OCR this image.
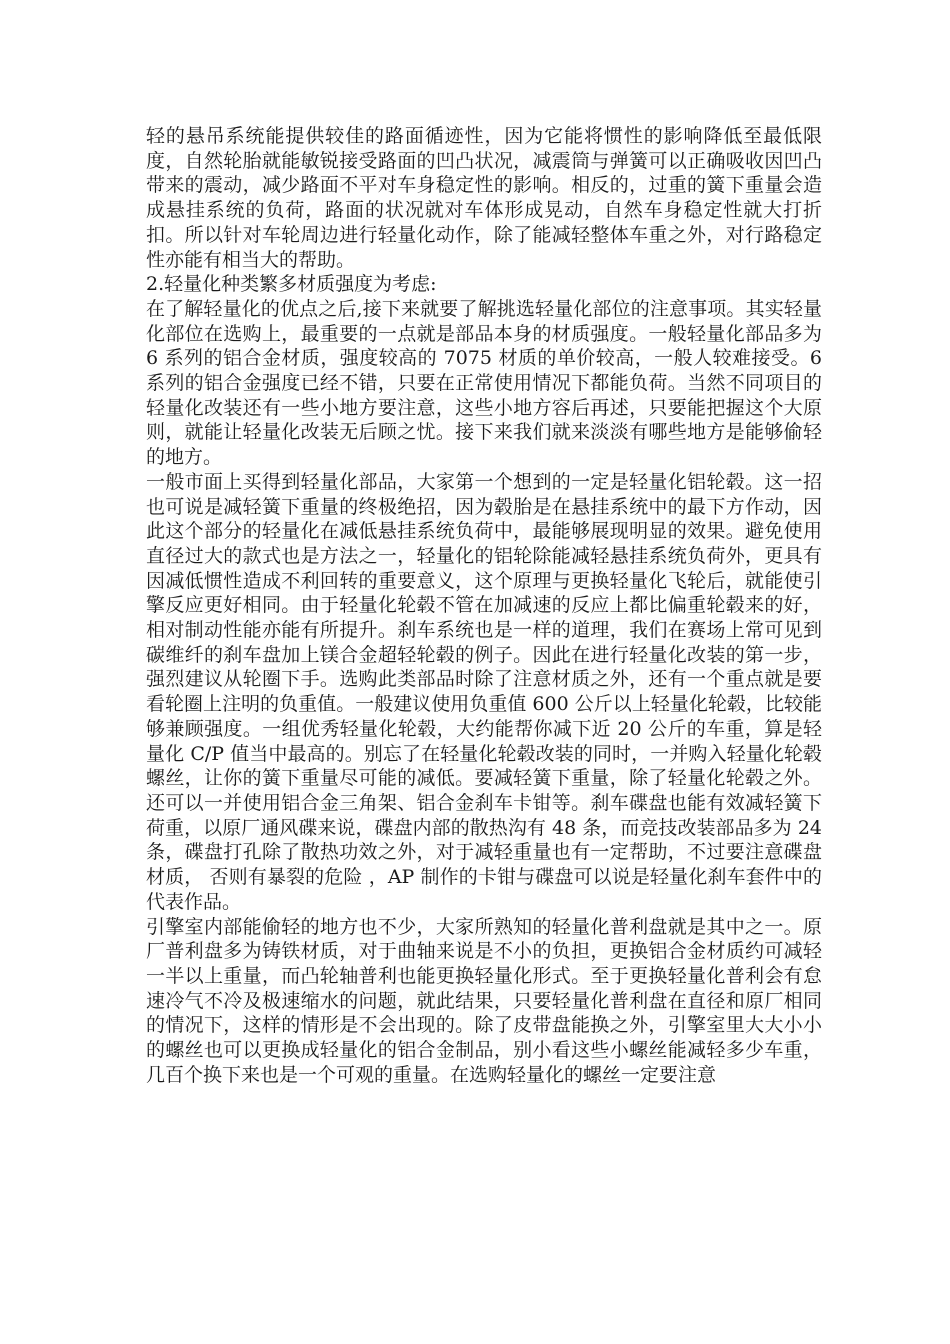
轻的悬吊系统能提供较佳的路面循迹性，因为它能将惯性的影响降低至最低限度，自然轮胎就能敏锐接受路面的凹凸状况，减震筒与弹簧可以正确吸收因凹凸带来的震动，减少路面不平对车身稳定性的影响。相反的，过重的簧下重量会造成悬挂系统的负荷，路面的状况就对车体形成晃动，自然车身稳定性就大打折扣。所以针对车轮周边进行轻量化动作，除了能减轻整体车重之外，对行路稳定性亦能有相当大的帮助。

2.轻量化种类繁多材质强度为考虑:

在了解轻量化的优点之后,接下来就要了解挑选轻量化部位的注意事项。其实轻量化部位在选购上，最重要的一点就是部品本身的材质强度。一般轻量化部品多为 6 系列的铝合金材质，强度较高的 7075 材质的单价较高，一般人较难接受。6 系列的铝合金强度已经不错，只要在正常使用情况下都能负荷。当然不同项目的轻量化改装还有一些小地方要注意，这些小地方容后再述，只要能把握这个大原则，就能让轻量化改装无后顾之忧。接下来我们就来淡淡有哪些地方是能够偷轻的地方。

一般市面上买得到轻量化部品，大家第一个想到的一定是轻量化铝轮毂。这一招也可说是减轻簧下重量的终极绝招，因为毂胎是在悬挂系统中的最下方作动，因此这个部分的轻量化在减低悬挂系统负荷中，最能够展现明显的效果。避免使用直径过大的款式也是方法之一，轻量化的铝轮除能减轻悬挂系统负荷外，更具有因减低惯性造成不利回转的重要意义，这个原理与更换轻量化飞轮后，就能使引擎反应更好相同。由于轻量化轮毂不管在加减速的反应上都比偏重轮毂来的好，相对制动性能亦能有所提升。刹车系统也是一样的道理，我们在赛场上常可见到碳维纤的刹车盘加上镁合金超轻轮毂的例子。因此在进行轻量化改装的第一步，强烈建议从轮圈下手。选购此类部品时除了注意材质之外，还有一个重点就是要看轮圈上注明的负重值。一般建议使用负重值 600 公斤以上轻量化轮毂，比较能够兼顾强度。一组优秀轻量化轮毂，大约能帮你减下近 20 公斤的车重，算是轻量化 C/P 值当中最高的。别忘了在轻量化轮毂改装的同时，一并购入轻量化轮毂螺丝，让你的簧下重量尽可能的减低。要减轻簧下重量，除了轻量化轮毂之外。还可以一并使用铝合金三角架、铝合金刹车卡钳等。刹车碟盘也能有效减轻簧下荷重，以原厂通风碟来说，碟盘内部的散热沟有 48 条，而竞技改装部品多为 24 条，碟盘打孔除了散热功效之外，对于减轻重量也有一定帮助，不过要注意碟盘材质， 否则有暴裂的危险 ，AP 制作的卡钳与碟盘可以说是轻量化刹车套件中的代表作品。

引擎室内部能偷轻的地方也不少，大家所熟知的轻量化普利盘就是其中之一。原厂普利盘多为铸铁材质，对于曲轴来说是不小的负担，更换铝合金材质约可减轻一半以上重量，而凸轮轴普利也能更换轻量化形式。至于更换轻量化普利会有怠速冷气不冷及极速缩水的问题，就此结果，只要轻量化普利盘在直径和原厂相同的情况下，这样的情形是不会出现的。除了皮带盘能换之外，引擎室里大大小小的螺丝也可以更换成轻量化的铝合金制品，别小看这些小螺丝能减轻多少车重，几百个换下来也是一个可观的重量。在选购轻量化的螺丝一定要注意
